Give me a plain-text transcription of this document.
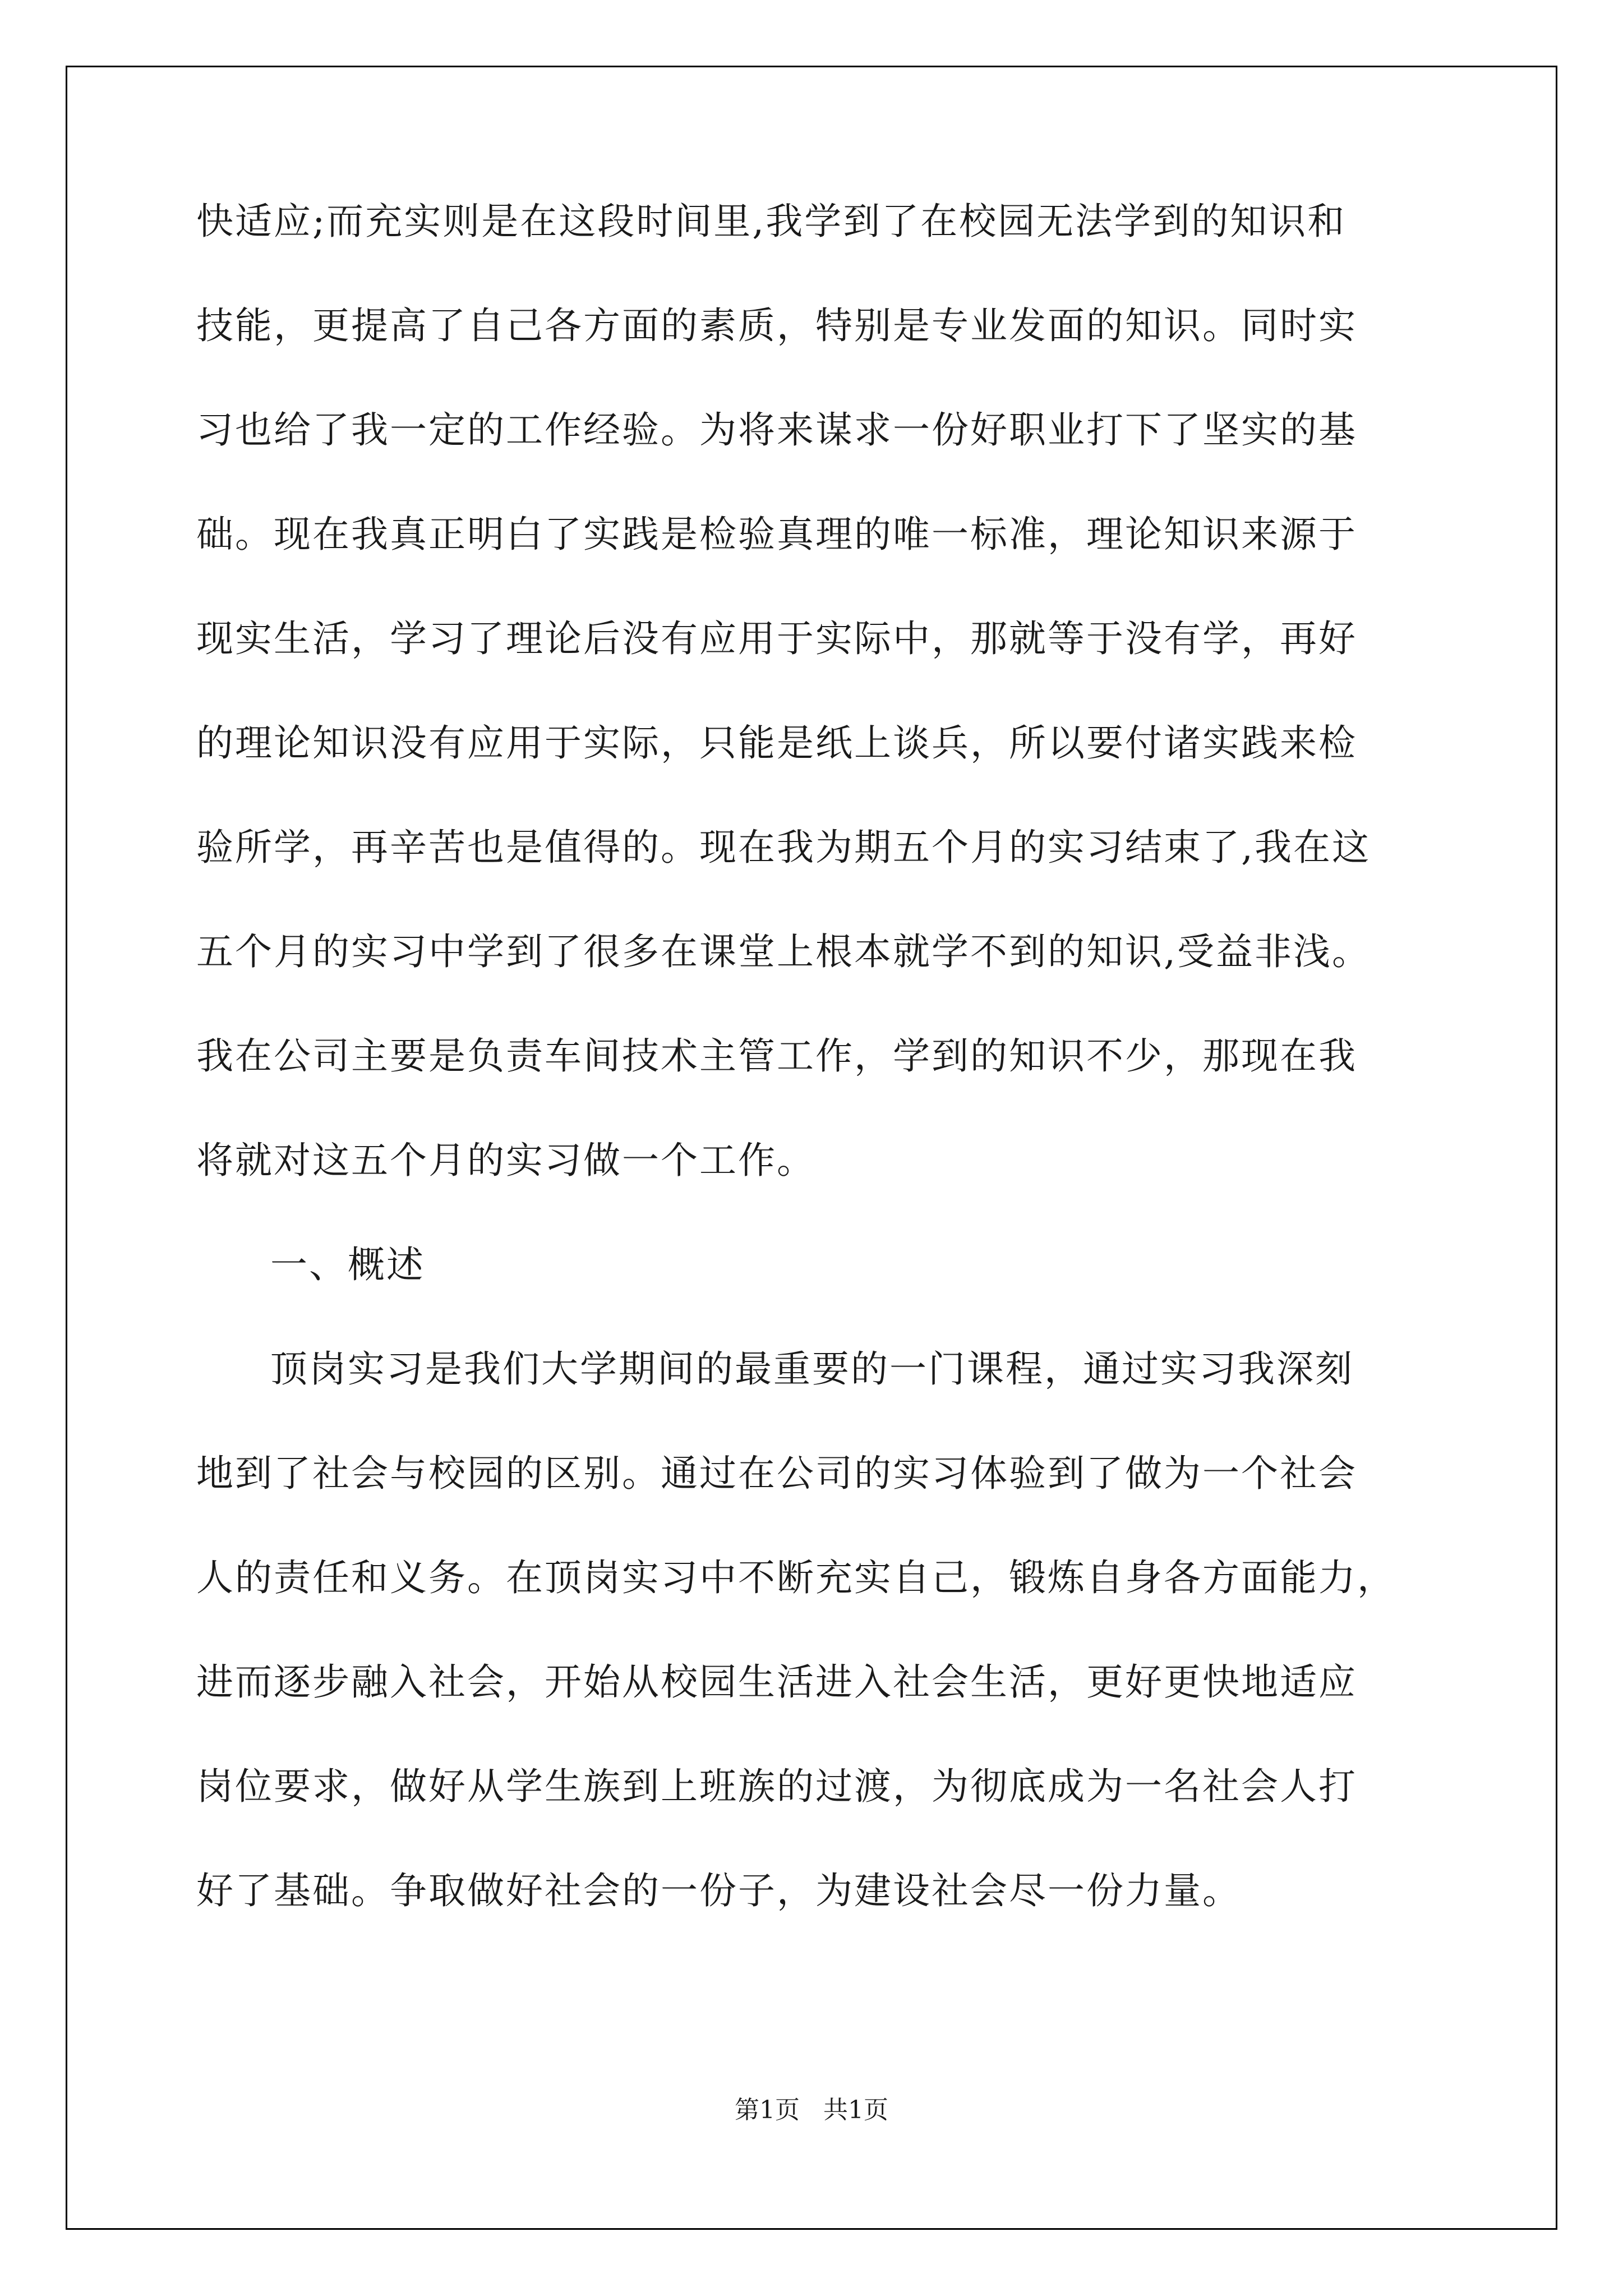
快适应;而充实则是在这段时间里,我学到了在校园无法学到的知识和
技能，更提高了自己各方面的素质，特别是专业发面的知识。同时实
习也给了我一定的工作经验。为将来谋求一份好职业打下了坚实的基
础。现在我真正明白了实践是检验真理的唯一标准，理论知识来源于
现实生活，学习了理论后没有应用于实际中，那就等于没有学，再好
的理论知识没有应用于实际，只能是纸上谈兵，所以要付诸实践来检
验所学，再辛苦也是值得的。现在我为期五个月的实习结束了,我在这
五个月的实习中学到了很多在课堂上根本就学不到的知识,受益非浅。
我在公司主要是负责车间技术主管工作，学到的知识不少，那现在我
将就对这五个月的实习做一个工作。
一、概述
顶岗实习是我们大学期间的最重要的一门课程，通过实习我深刻
地到了社会与校园的区别。通过在公司的实习体验到了做为一个社会
人的责任和义务。在顶岗实习中不断充实自己，锻炼自身各方面能力，
进而逐步融入社会，开始从校园生活进入社会生活，更好更快地适应
岗位要求，做好从学生族到上班族的过渡，为彻底成为一名社会人打
好了基础。争取做好社会的一份子，为建设社会尽一份力量。
第1页   共1页
